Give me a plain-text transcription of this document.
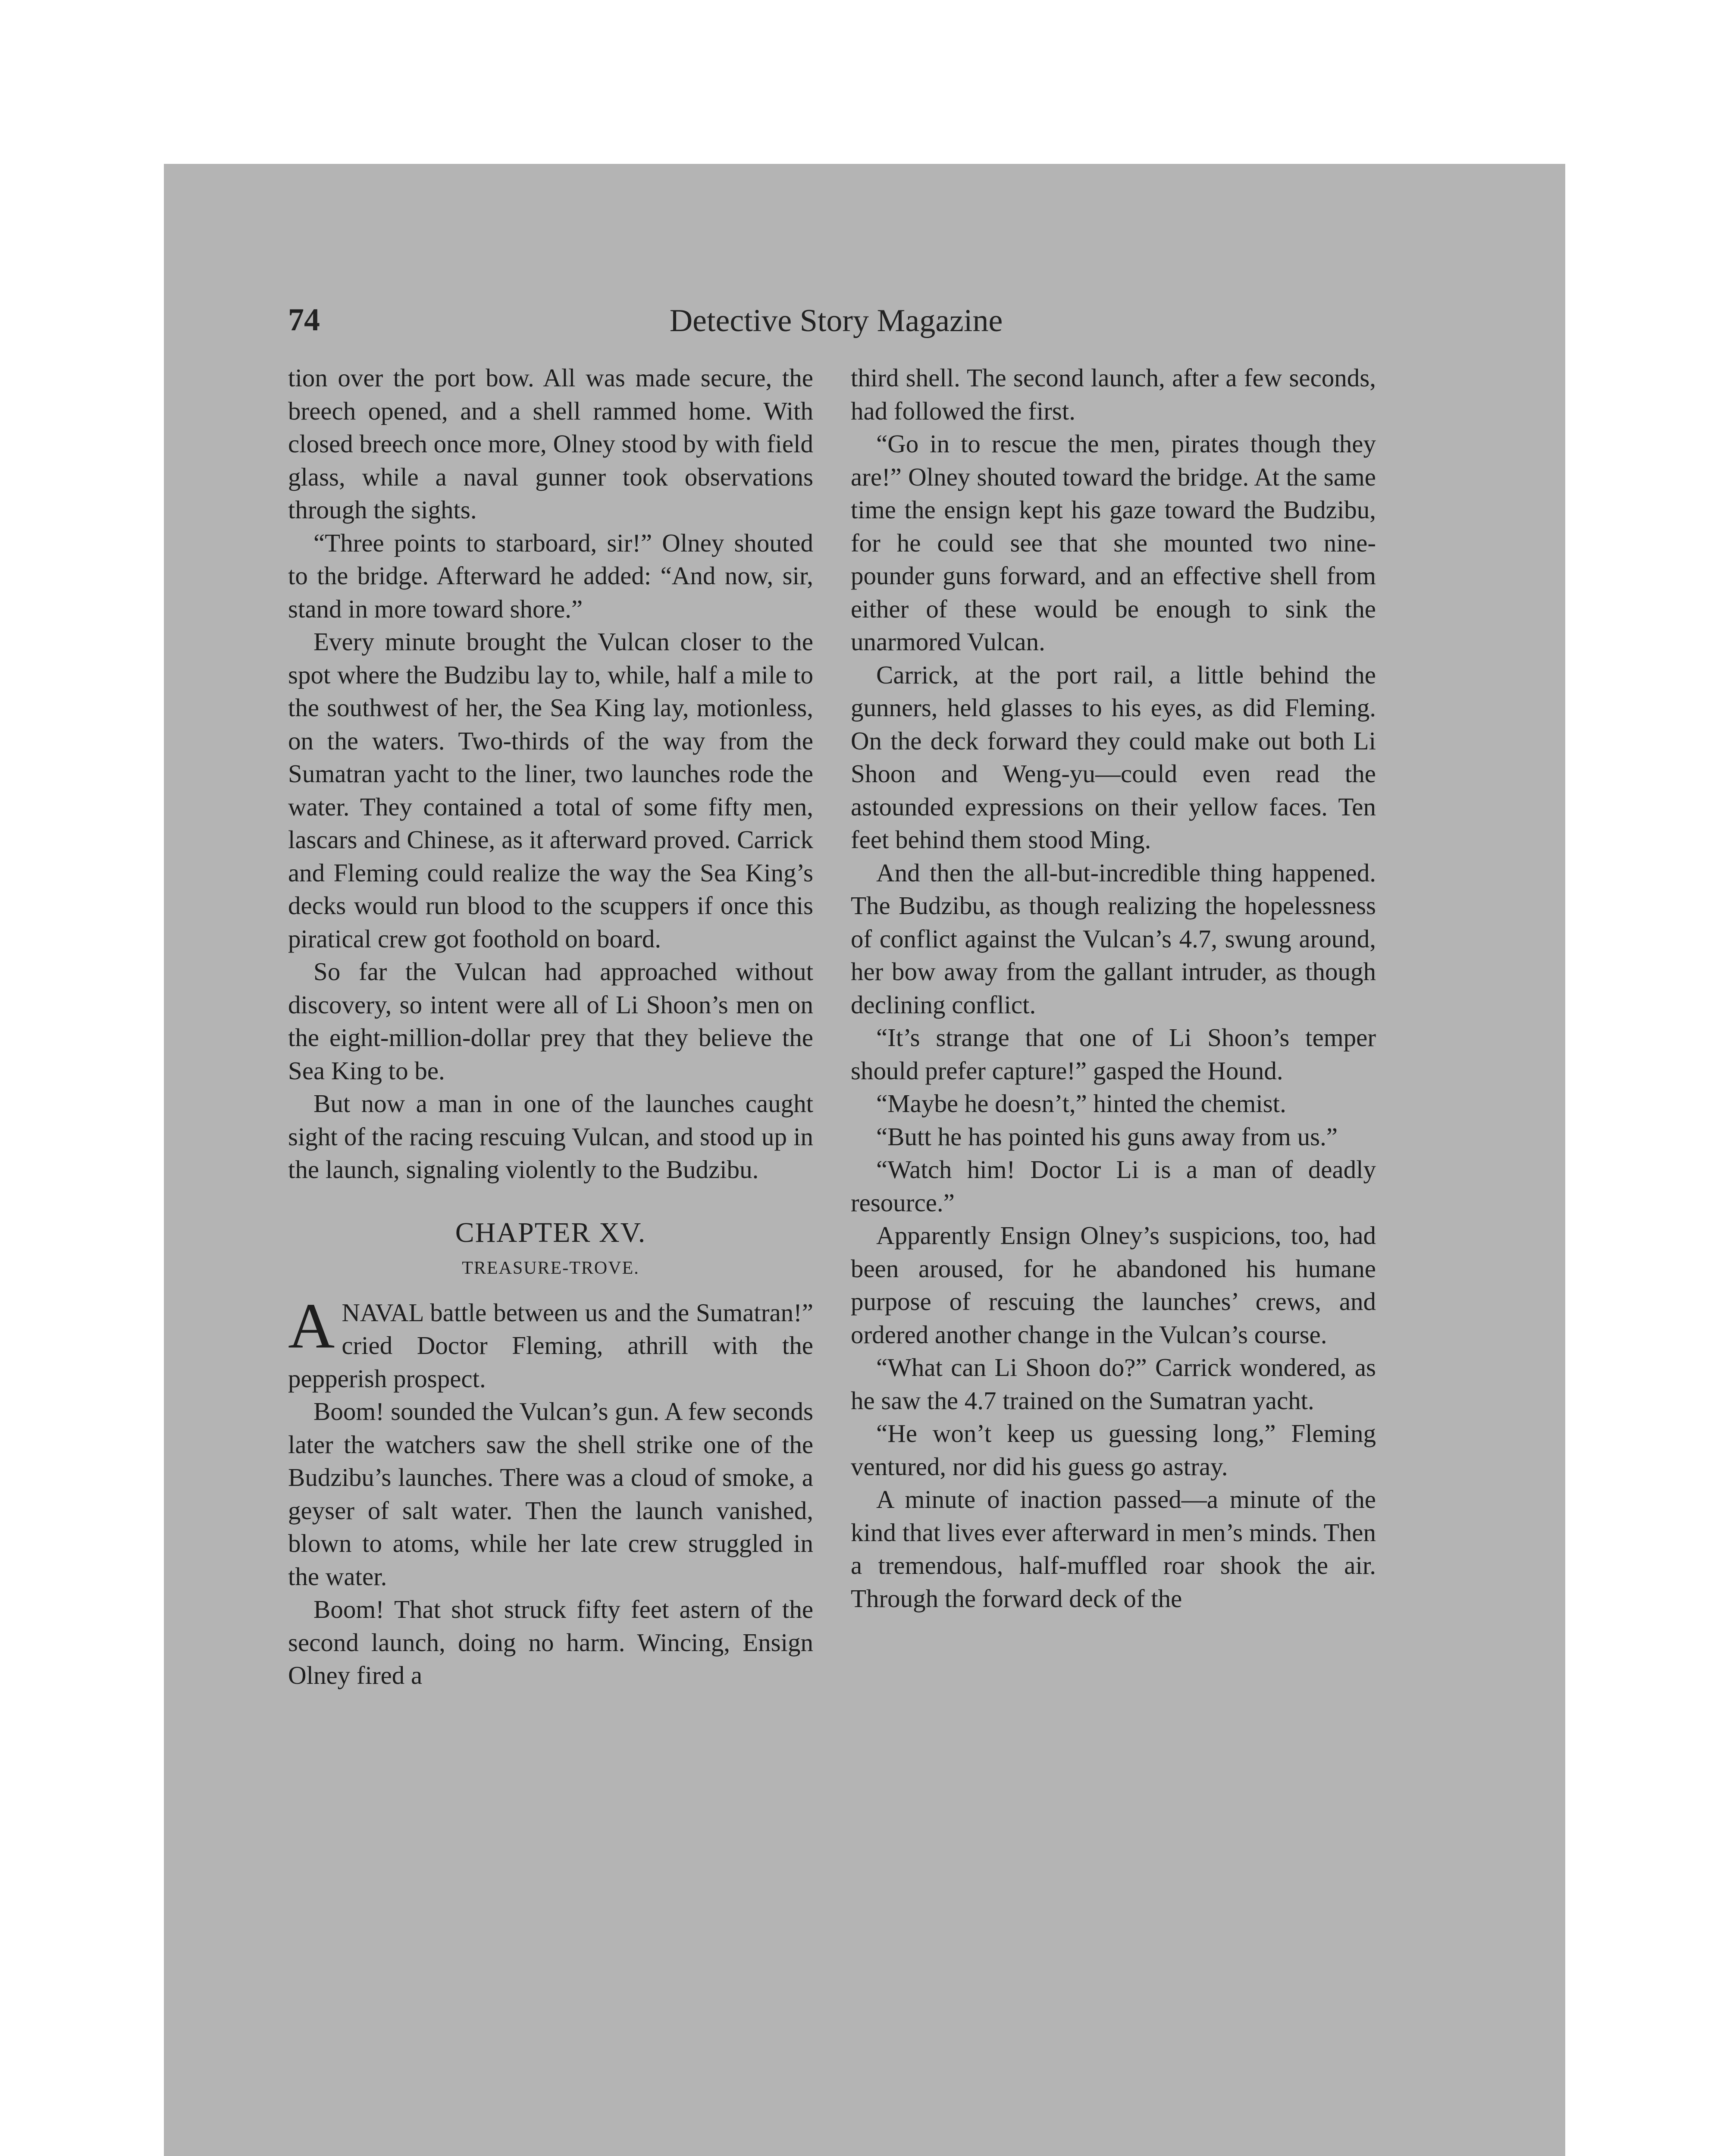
74	Detective Story Magazine

tion over the port bow. All was made secure, the breech opened, and a shell rammed home. With closed breech once more, Olney stood by with field glass, while a naval gunner took observations through the sights.

“Three points to starboard, sir!” Olney shouted to the bridge. Afterward he added: “And now, sir, stand in more toward shore.”

Every minute brought the Vulcan closer to the spot where the Budzibu lay to, while, half a mile to the southwest of her, the Sea King lay, motionless, on the waters. Two-thirds of the way from the Sumatran yacht to the liner, two launches rode the water. They contained a total of some fifty men, lascars and Chinese, as it afterward proved. Carrick and Fleming could realize the way the Sea King’s decks would run blood to the scuppers if once this piratical crew got foothold on board.

So far the Vulcan had approached without discovery, so intent were all of Li Shoon’s men on the eight-million-dollar prey that they believe the Sea King to be.

But now a man in one of the launches caught sight of the racing rescuing Vulcan, and stood up in the launch, signaling violently to the Budzibu.

CHAPTER XV.
TREASURE-TROVE.

ANAVAL battle between us and the Sumatran!” cried Doctor Fleming, athrill with the pepperish prospect.

Boom! sounded the Vulcan’s gun. A few seconds later the watchers saw the shell strike one of the Budzibu’s launches. There was a cloud of smoke, a geyser of salt water. Then the launch vanished, blown to atoms, while her late crew struggled in the water.

Boom! That shot struck fifty feet astern of the second launch, doing no harm. Wincing, Ensign Olney fired a

third shell. The second launch, after a few seconds, had followed the first.

“Go in to rescue the men, pirates though they are!” Olney shouted toward the bridge. At the same time the ensign kept his gaze toward the Budzibu, for he could see that she mounted two nine-pounder guns forward, and an effective shell from either of these would be enough to sink the unarmored Vulcan.

Carrick, at the port rail, a little behind the gunners, held glasses to his eyes, as did Fleming. On the deck forward they could make out both Li Shoon and Weng-yu—could even read the astounded expressions on their yellow faces. Ten feet behind them stood Ming.

And then the all-but-incredible thing happened. The Budzibu, as though realizing the hopelessness of conflict against the Vulcan’s 4.7, swung around, her bow away from the gallant intruder, as though declining conflict.

“It’s strange that one of Li Shoon’s temper should prefer capture!” gasped the Hound.

“Maybe he doesn’t,” hinted the chemist.

“Butt he has pointed his guns away from us.”

“Watch him! Doctor Li is a man of deadly resource.”

Apparently Ensign Olney’s suspicions, too, had been aroused, for he abandoned his humane purpose of rescuing the launches’ crews, and ordered another change in the Vulcan’s course.

“What can Li Shoon do?” Carrick wondered, as he saw the 4.7 trained on the Sumatran yacht.

“He won’t keep us guessing long,” Fleming ventured, nor did his guess go astray.

A minute of inaction passed—a minute of the kind that lives ever afterward in men’s minds. Then a tremendous, half-muffled roar shook the air. Through the forward deck of the
